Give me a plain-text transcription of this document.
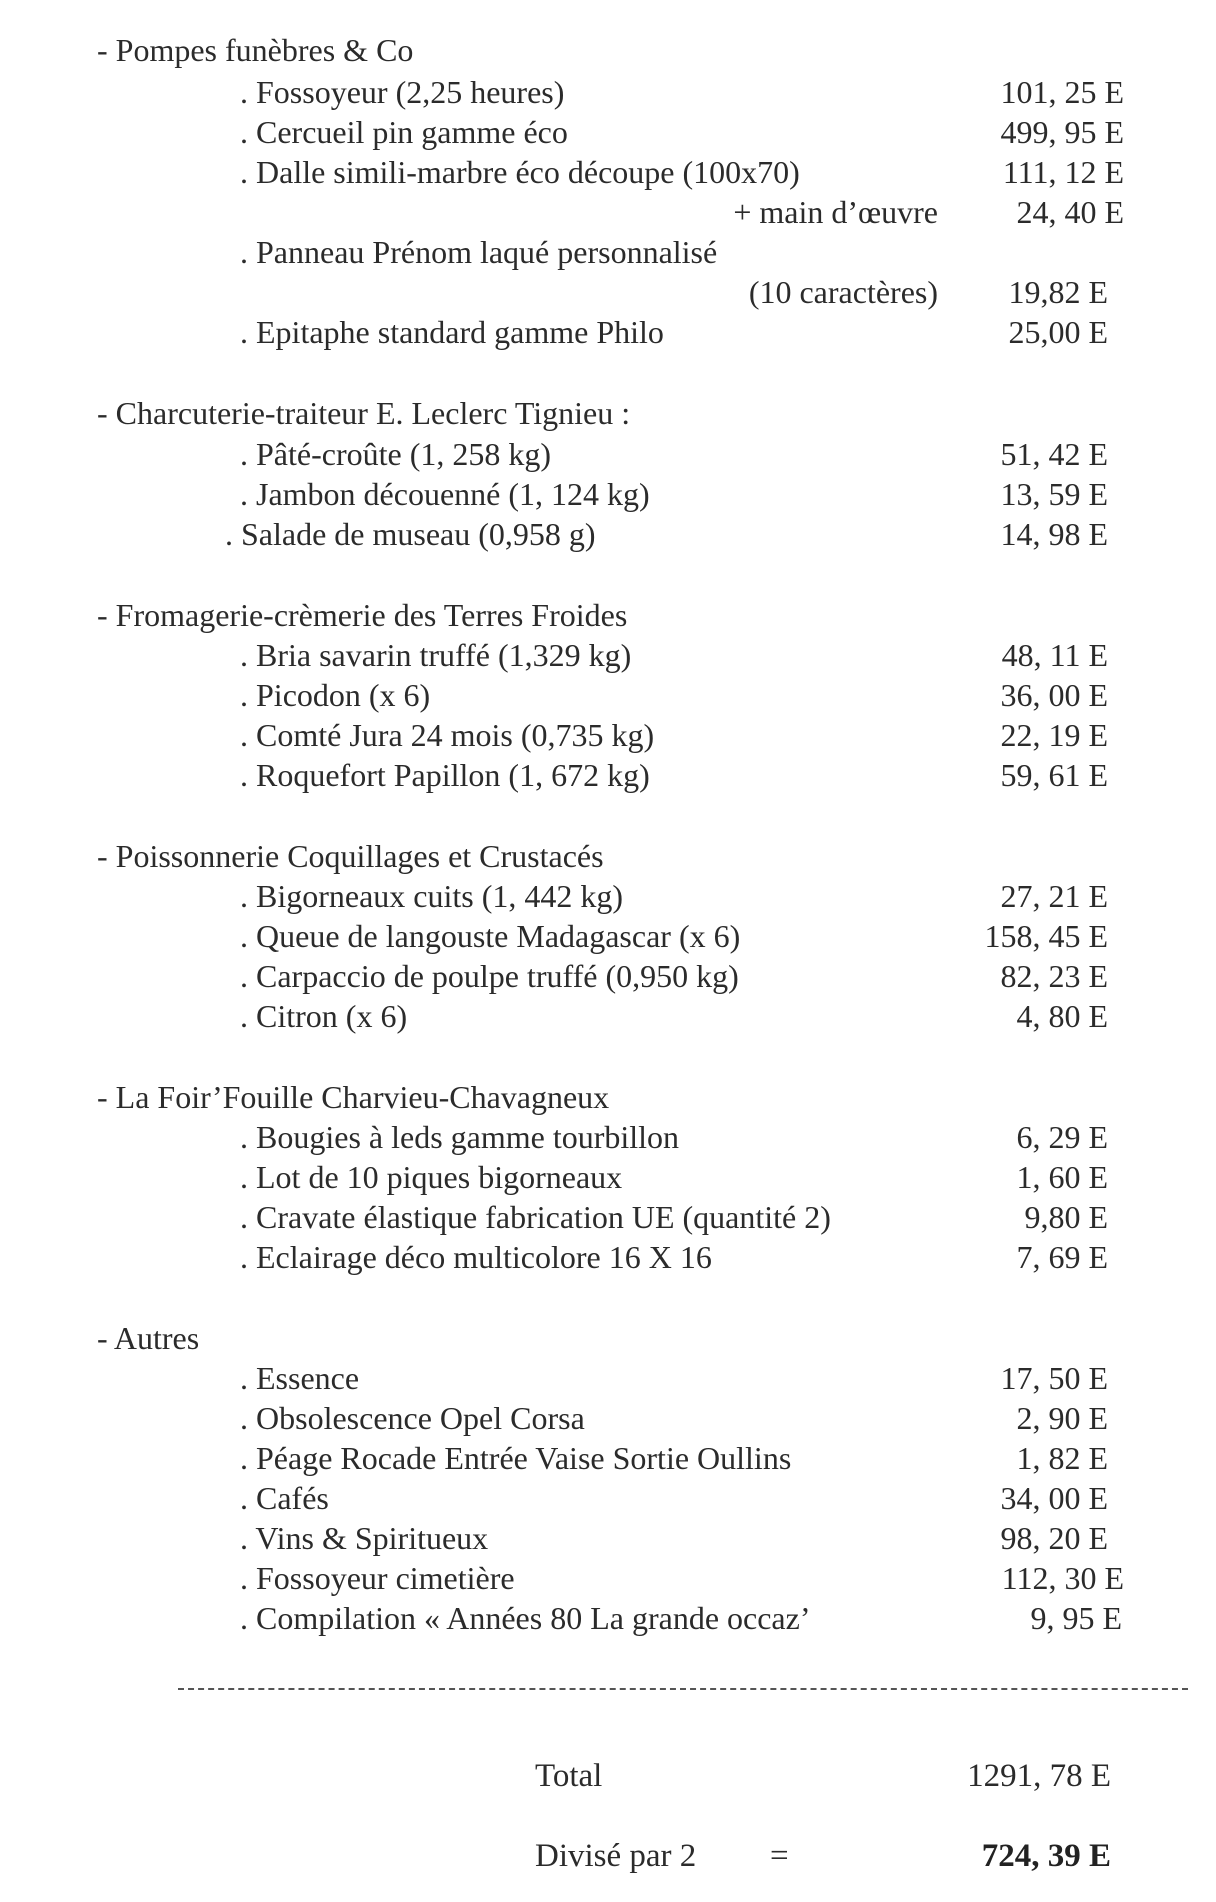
- Pompes funèbres & Co
. Fossoyeur (2,25 heures)	101, 25 E
. Cercueil pin gamme éco	499, 95 E
. Dalle simili-marbre éco découpe (100x70)	111, 12 E
+ main d’œuvre 24, 40 E
. Panneau Prénom laqué personnalisé
(10 caractères) 19,82 E
. Epitaphe standard gamme Philo	25,00 E
- Charcuterie-traiteur E. Leclerc Tignieu :
. Pâté-croûte (1, 258 kg)	51, 42 E
. Jambon découenné (1, 124 kg)	13, 59 E
. Salade de museau (0,958 g)	14, 98 E
- Fromagerie-crèmerie des Terres Froides
. Bria savarin truffé (1,329 kg)	48, 11 E
. Picodon (x 6)	36, 00 E
. Comté Jura 24 mois (0,735 kg)	22, 19 E
. Roquefort Papillon (1, 672 kg)	59, 61 E
- Poissonnerie Coquillages et Crustacés
. Bigorneaux cuits (1, 442 kg)	27, 21 E
. Queue de langouste Madagascar (x 6)	158, 45 E
. Carpaccio de poulpe truffé (0,950 kg)	82, 23 E
. Citron (x 6)	4, 80 E
- La Foir’Fouille Charvieu-Chavagneux
. Bougies à leds gamme tourbillon	6, 29 E
. Lot de 10 piques bigorneaux	1, 60 E
. Cravate élastique fabrication UE (quantité 2)	9,80 E
. Eclairage déco multicolore 16 X 16	7, 69 E
- Autres
. Essence	17, 50 E
. Obsolescence Opel Corsa	2, 90 E
. Péage Rocade Entrée Vaise Sortie Oullins	1, 82 E
. Cafés	34, 00 E
. Vins & Spiritueux	98, 20 E
. Fossoyeur cimetière	112, 30 E
. Compilation « Années 80 La grande occaz’	9, 95 E
Total	1291, 78 E
Divisé par 2 =	724, 39 E
